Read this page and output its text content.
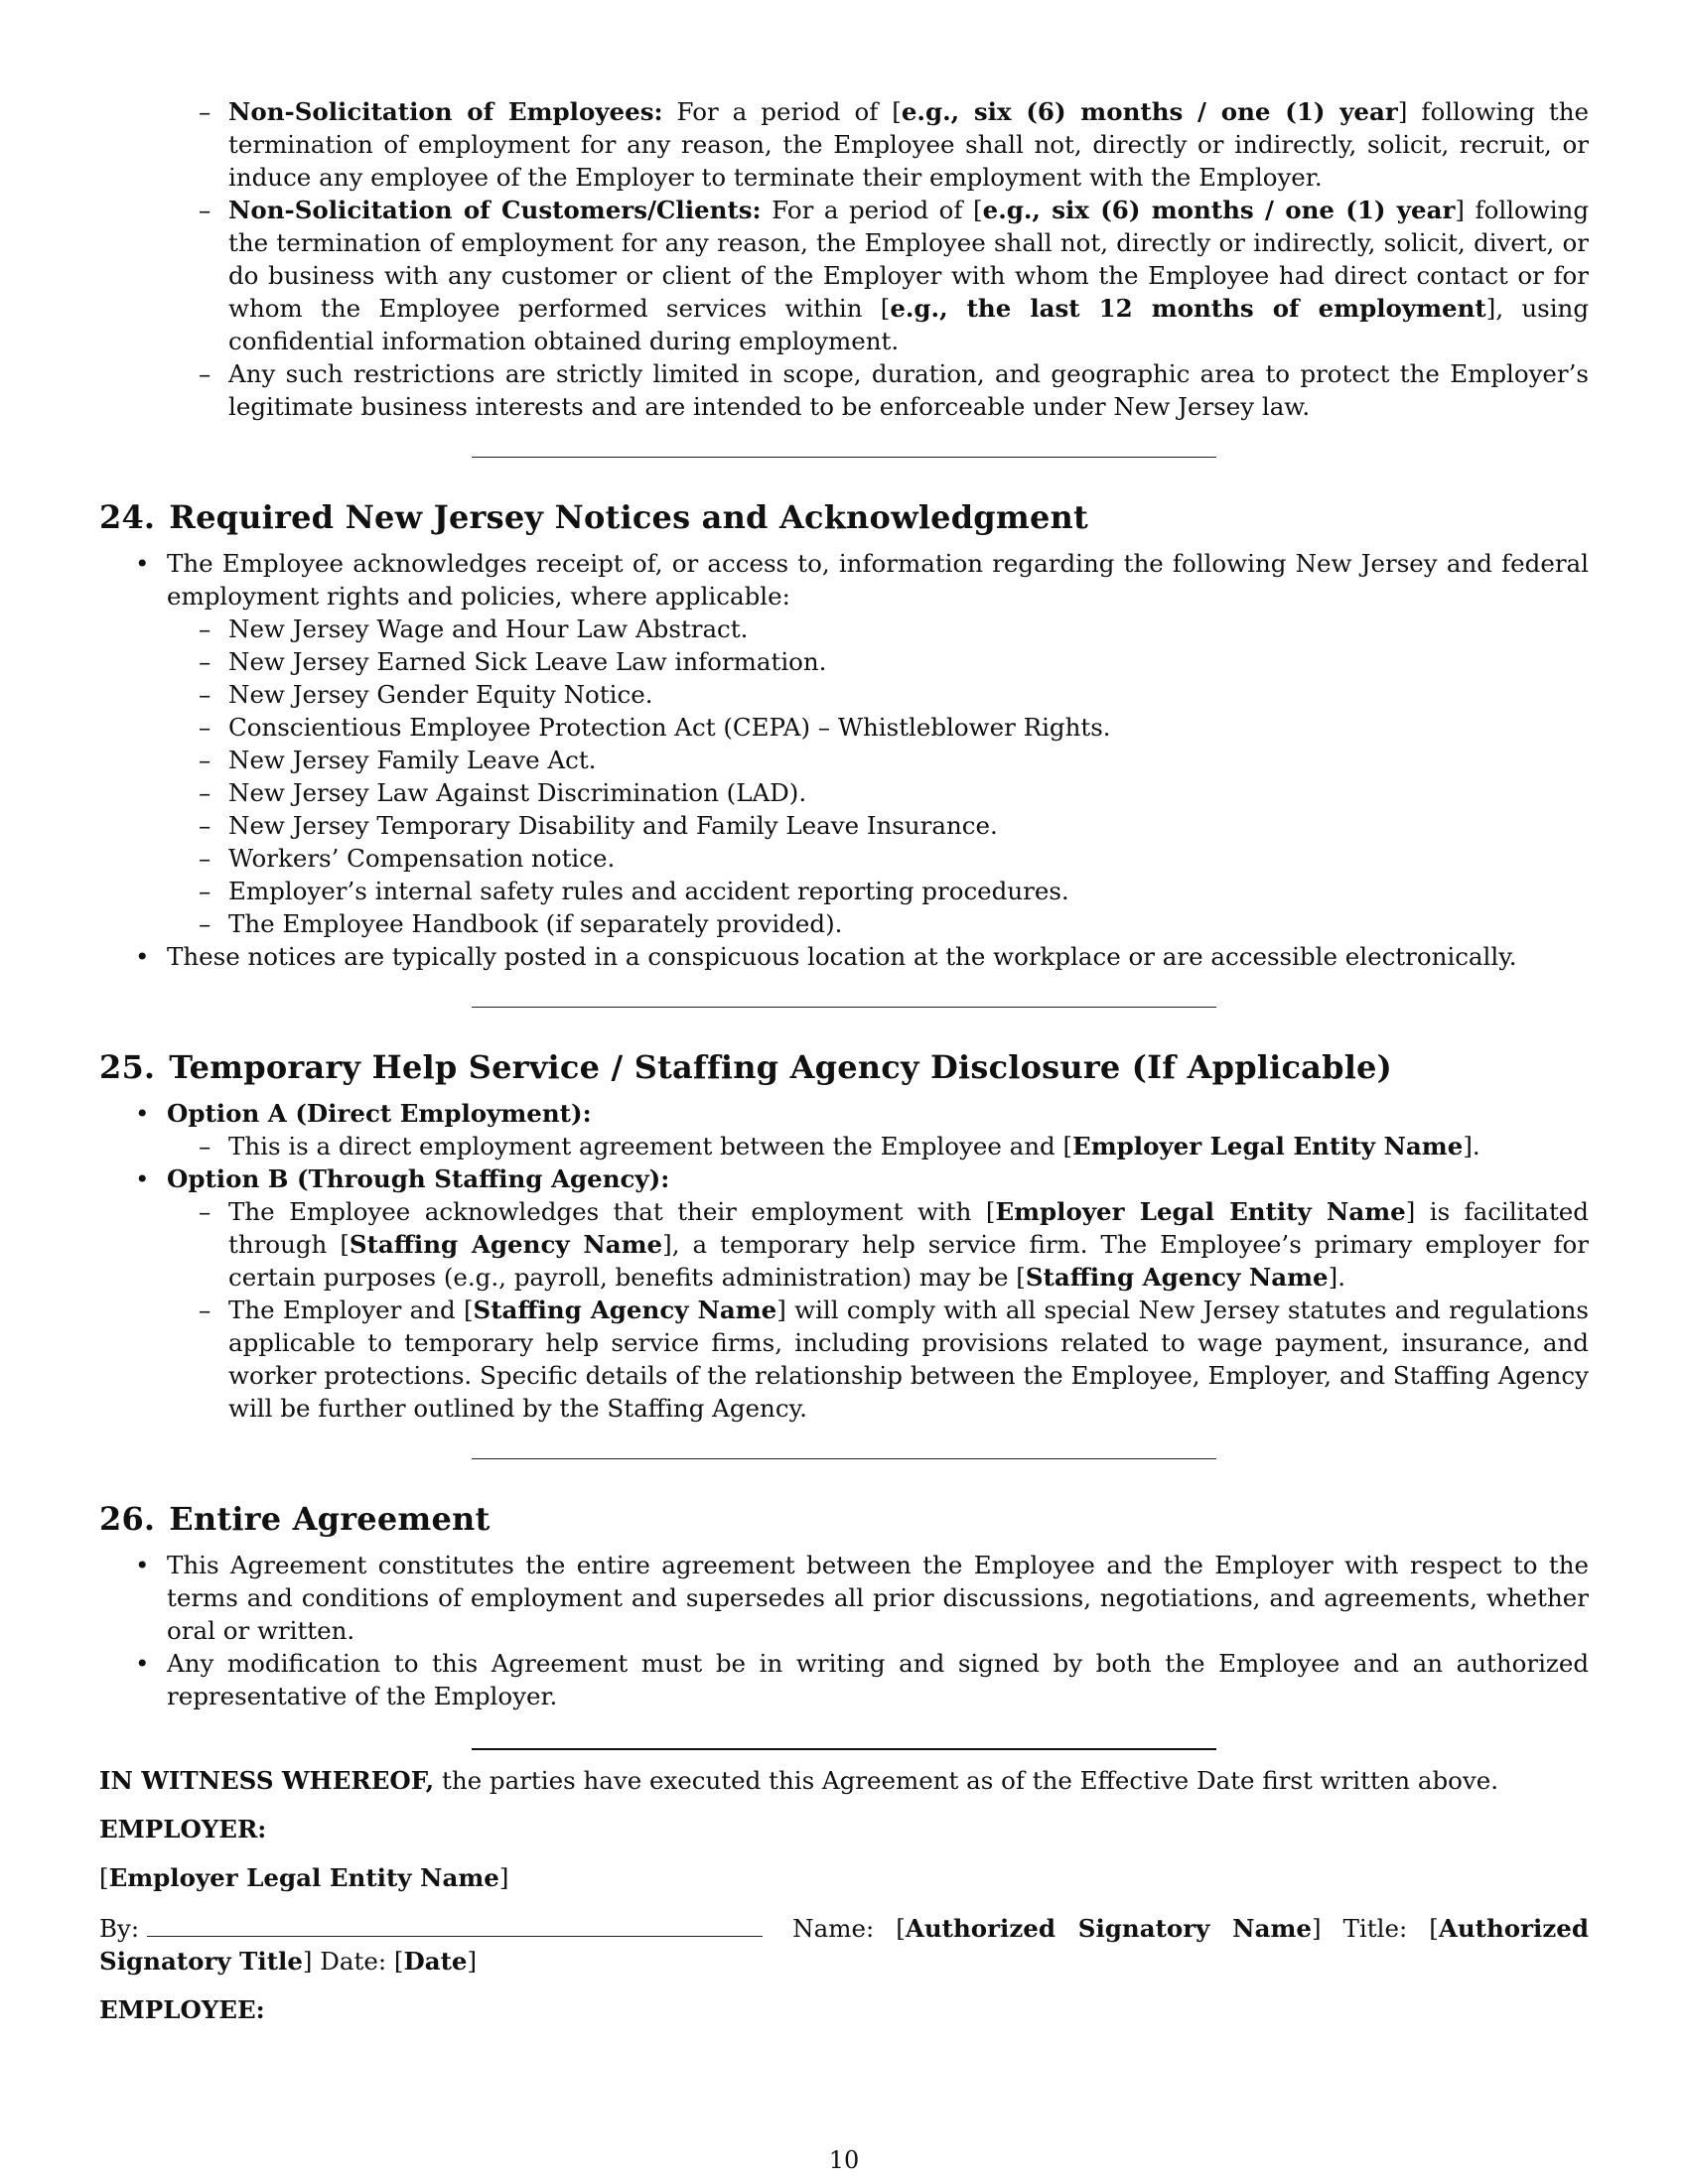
– Non-Solicitation of Employees: For a period of [e.g., six (6) months / one (1) year] following the termination of employment for any reason, the Employee shall not, directly or indirectly, solicit, recruit, or induce any employee of the Employer to terminate their employment with the Employer.
– Non-Solicitation of Customers/Clients: For a period of [e.g., six (6) months / one (1) year] following the termination of employment for any reason, the Employee shall not, directly or indirectly, solicit, divert, or do business with any customer or client of the Employer with whom the Employee had direct contact or for whom the Employee performed services within [e.g., the last 12 months of employment], using confidential information obtained during employment.
– Any such restrictions are strictly limited in scope, duration, and geographic area to protect the Employer’s legitimate business interests and are intended to be enforceable under New Jersey law.
24. Required New Jersey Notices and Acknowledgment
• The Employee acknowledges receipt of, or access to, information regarding the following New Jersey and federal employment rights and policies, where applicable:
– New Jersey Wage and Hour Law Abstract.
– New Jersey Earned Sick Leave Law information.
– New Jersey Gender Equity Notice.
– Conscientious Employee Protection Act (CEPA) – Whistleblower Rights.
– New Jersey Family Leave Act.
– New Jersey Law Against Discrimination (LAD).
– New Jersey Temporary Disability and Family Leave Insurance.
– Workers’ Compensation notice.
– Employer’s internal safety rules and accident reporting procedures.
– The Employee Handbook (if separately provided).
• These notices are typically posted in a conspicuous location at the workplace or are accessible electronically.
25. Temporary Help Service / Staffing Agency Disclosure (If Applicable)
• Option A (Direct Employment):
– This is a direct employment agreement between the Employee and [Employer Legal Entity Name].
• Option B (Through Staffing Agency):
– The Employee acknowledges that their employment with [Employer Legal Entity Name] is facilitated through [Staffing Agency Name], a temporary help service firm. The Employee’s primary employer for certain purposes (e.g., payroll, benefits administration) may be [Staffing Agency Name].
– The Employer and [Staffing Agency Name] will comply with all special New Jersey statutes and regulations applicable to temporary help service firms, including provisions related to wage payment, insurance, and worker protections. Specific details of the relationship between the Employee, Employer, and Staffing Agency will be further outlined by the Staffing Agency.
26. Entire Agreement
• This Agreement constitutes the entire agreement between the Employee and the Employer with respect to the terms and conditions of employment and supersedes all prior discussions, negotiations, and agreements, whether oral or written.
• Any modification to this Agreement must be in writing and signed by both the Employee and an authorized representative of the Employer.

IN WITNESS WHEREOF, the parties have executed this Agreement as of the Effective Date first written above.

EMPLOYER:

[Employer Legal Entity Name]

By:	Name: [Authorized Signatory Name] Title: [Authorized Signatory Title] Date: [Date]

EMPLOYEE:

10
